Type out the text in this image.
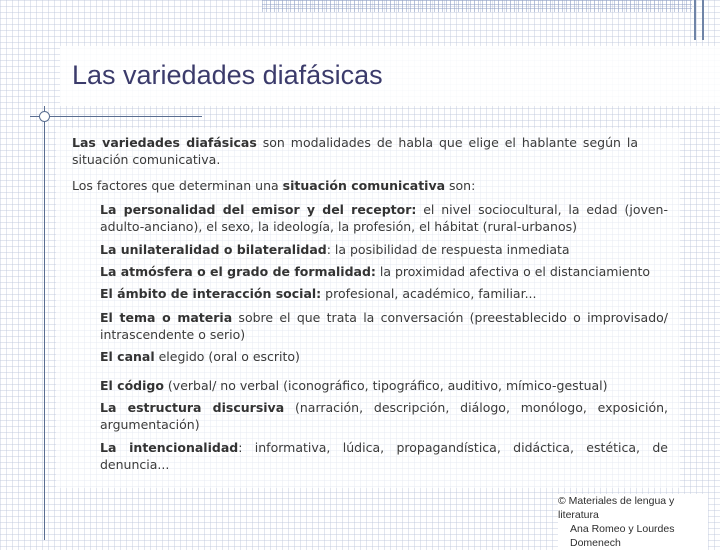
Las variedades diafásicas

Las variedades diafásicas son modalidades de habla que elige el hablante según la situación comunicativa.

Los factores que determinan una situación comunicativa son:

La personalidad del emisor y del receptor: el nivel sociocultural, la edad (joven-adulto-anciano), el sexo, la ideología, la profesión, el hábitat (rural-urbanos)

La unilateralidad o bilateralidad: la posibilidad de respuesta inmediata

La atmósfera o el grado de formalidad: la proximidad afectiva o el distanciamiento

El ámbito de interacción social: profesional, académico, familiar...

El tema o materia sobre el que trata la conversación (preestablecido o improvisado/ intrascendente o serio)

El canal elegido (oral o escrito)

El código (verbal/ no verbal (iconográfico, tipográfico, auditivo, mímico-gestual)

La estructura discursiva (narración, descripción, diálogo, monólogo, exposición, argumentación)

La intencionalidad: informativa, lúdica, propagandística, didáctica, estética, de denuncia...

© Materiales de lengua y literatura
Ana Romeo y Lourdes Domenech
